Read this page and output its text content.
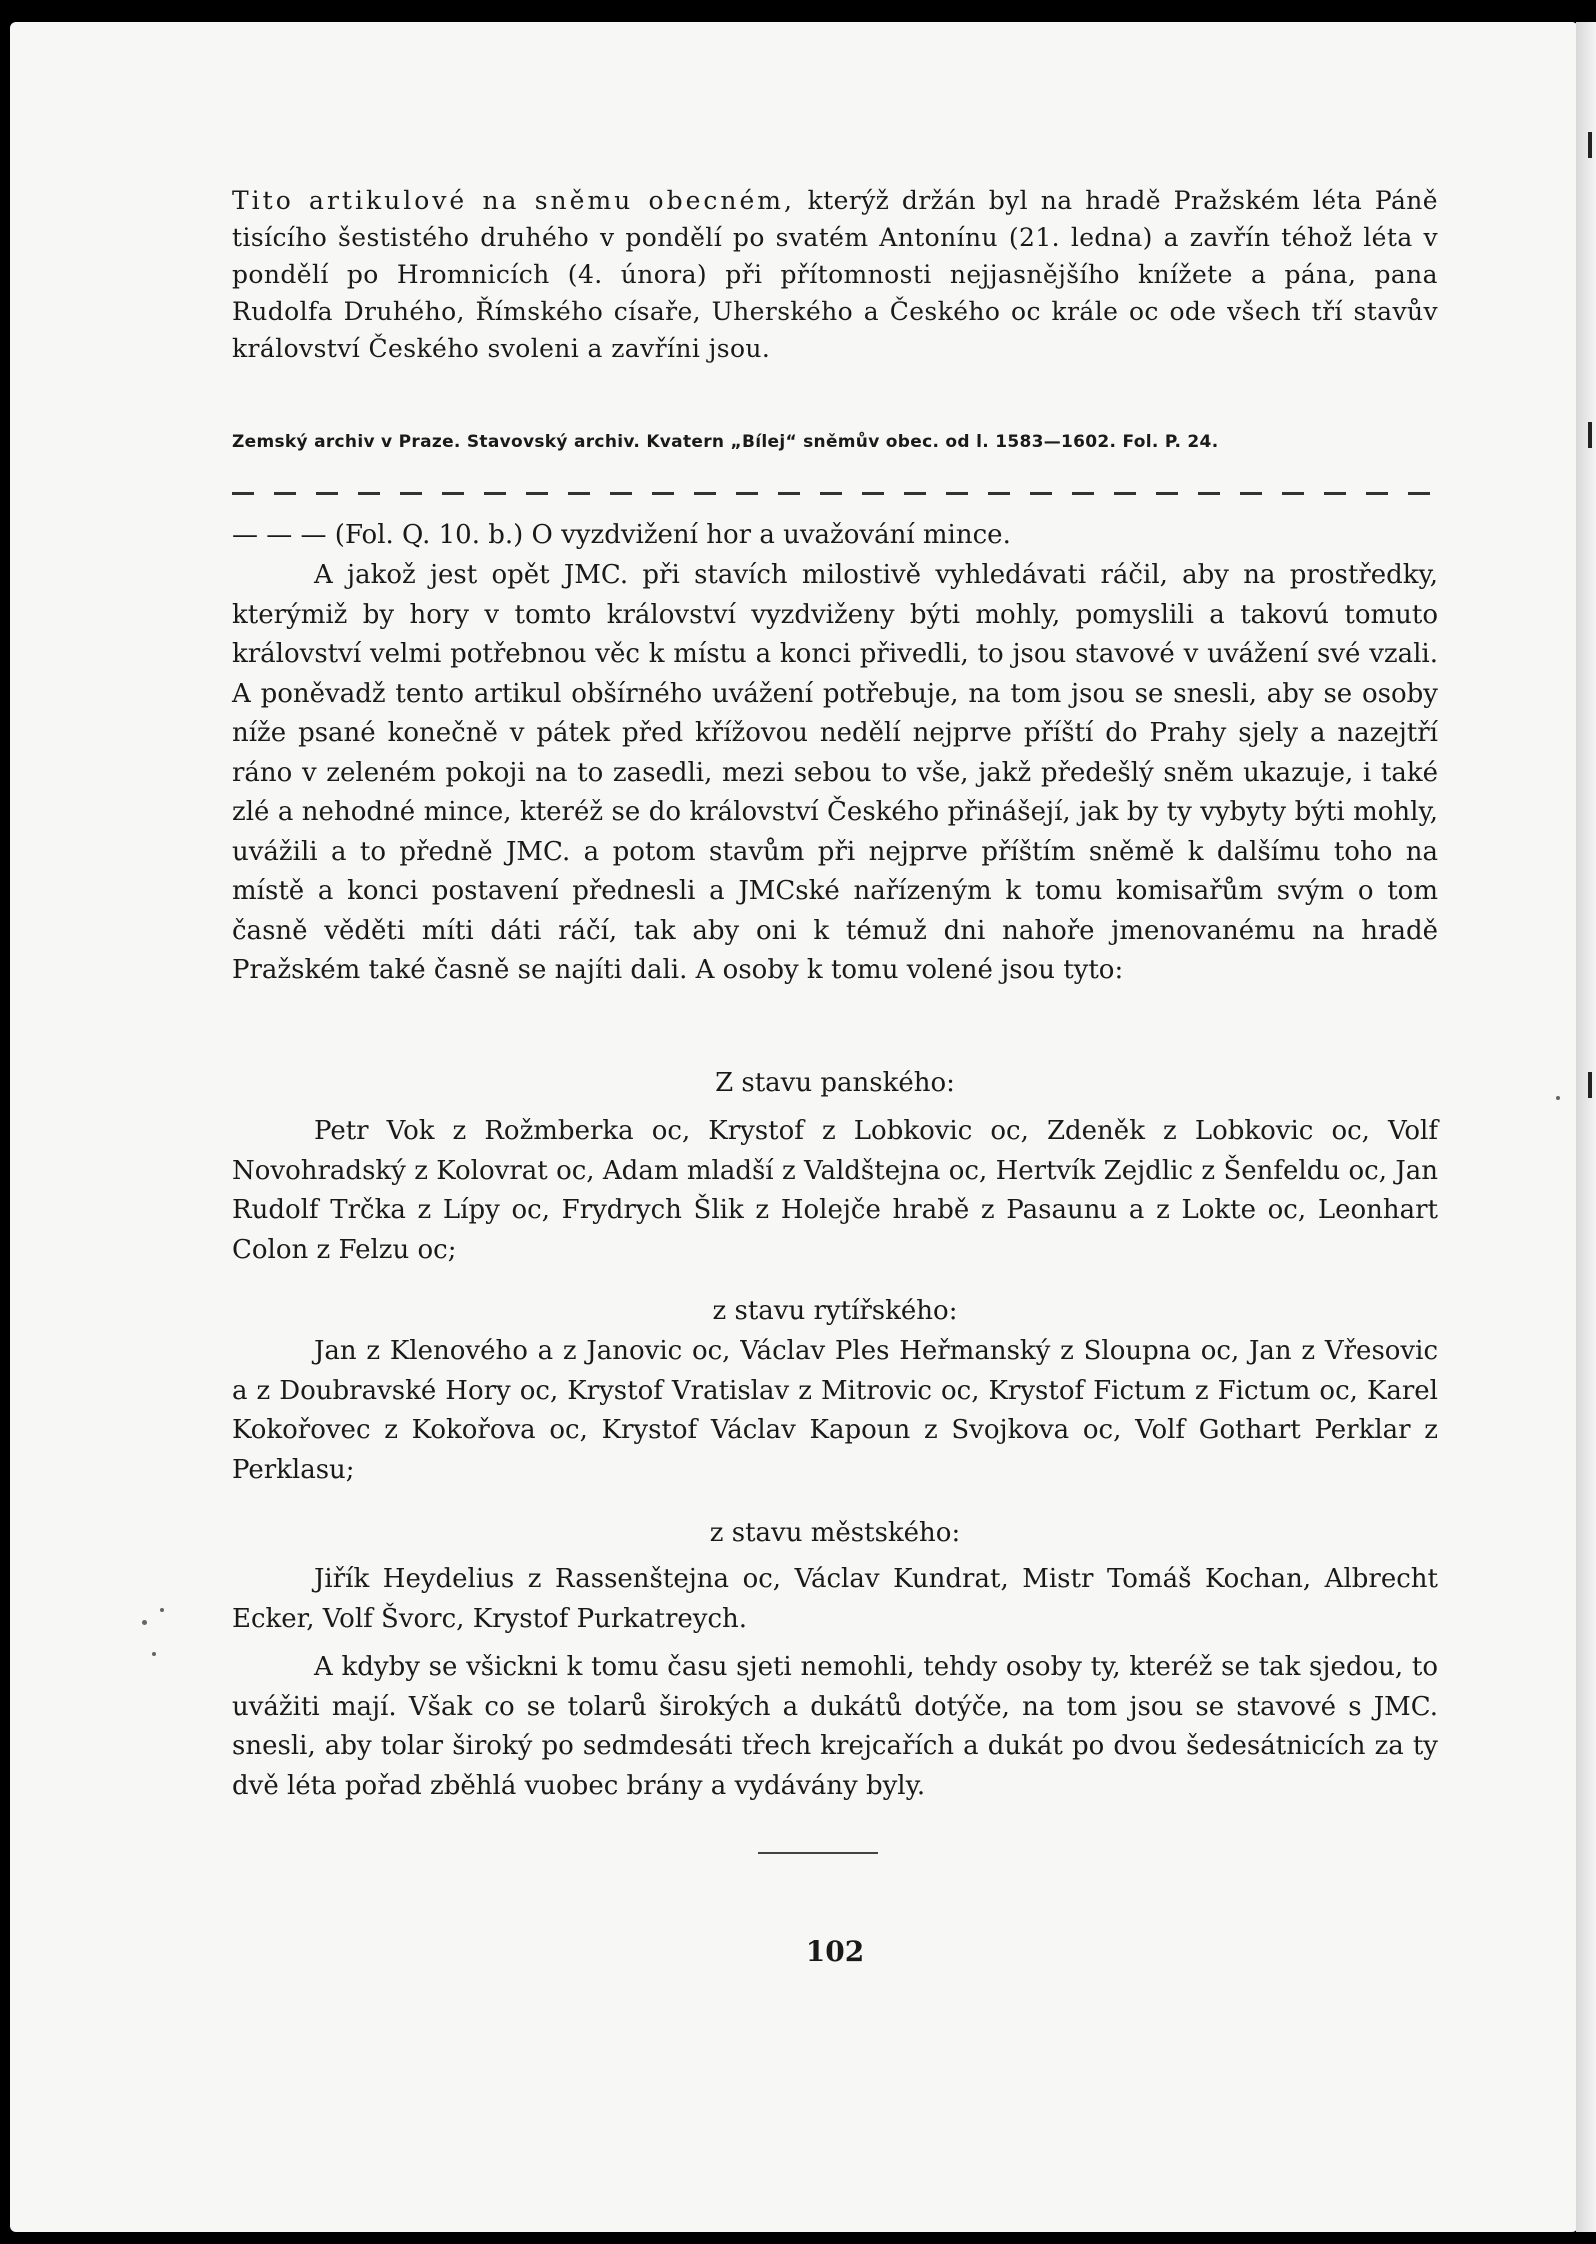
Tito artikulové na sněmu obecném, kterýž držán byl na hradě Pražském léta Páně tisícího šestistého druhého v pondělí po svatém Antonínu (21. ledna) a zavřín téhož léta v pondělí po Hromnicích (4. února) při přítomnosti nejjasnějšího knížete a pána, pana Rudolfa Druhého, Římského císaře, Uherského a Českého oc krále oc ode všech tří stavův království Českého svoleni a zavříni jsou.
Zemský archiv v Praze. Stavovský archiv. Kvatern „Bílej“ sněmův obec. od l. 1583—1602. Fol. P. 24.
— — — (Fol. Q. 10. b.) O vyzdvižení hor a uvažování mince.

A jakož jest opět JMC. při stavích milostivě vyhledávati ráčil, aby na prostředky, kterýmiž by hory v tomto království vyzdviženy býti mohly, pomyslili a takovú tomuto království velmi potřebnou věc k místu a konci přivedli, to jsou stavové v uvážení své vzali. A poněvadž tento artikul obšírného uvážení potřebuje, na tom jsou se snesli, aby se osoby níže psané konečně v pátek před křížovou nedělí nejprve příští do Prahy sjely a nazejtří ráno v zeleném pokoji na to zasedli, mezi sebou to vše, jakž předešlý sněm ukazuje, i také zlé a nehodné mince, kteréž se do království Českého přinášejí, jak by ty vybyty býti mohly, uvážili a to předně JMC. a potom stavům při nejprve příštím sněmě k dalšímu toho na místě a konci postavení přednesli a JMCské nařízeným k tomu komisařům svým o tom časně věděti míti dáti ráčí, tak aby oni k témuž dni nahoře jmenovanému na hradě Pražském také časně se najíti dali. A osoby k tomu volené jsou tyto:

Z stavu panského:

Petr Vok z Rožmberka oc, Krystof z Lobkovic oc, Zdeněk z Lobkovic oc, Volf Novohradský z Kolovrat oc, Adam mladší z Valdštejna oc, Hertvík Zejdlic z Šenfeldu oc, Jan Rudolf Trčka z Lípy oc, Frydrych Šlik z Holejče hrabě z Pasaunu a z Lokte oc, Leonhart Colon z Felzu oc;

z stavu rytířského:

Jan z Klenového a z Janovic oc, Václav Ples Heřmanský z Sloupna oc, Jan z Vřesovic a z Doubravské Hory oc, Krystof Vratislav z Mitrovic oc, Krystof Fictum z Fictum oc, Karel Kokořovec z Kokořova oc, Krystof Václav Kapoun z Svojkova oc, Volf Gothart Perklar z Perklasu;

z stavu městského:

Jiřík Heydelius z Rassenštejna oc, Václav Kundrat, Mistr Tomáš Kochan, Albrecht Ecker, Volf Švorc, Krystof Purkatreych.

A kdyby se všickni k tomu času sjeti nemohli, tehdy osoby ty, kteréž se tak sjedou, to uvážiti mají. Však co se tolarů širokých a dukátů dotýče, na tom jsou se stavové s JMC. snesli, aby tolar široký po sedmdesáti třech krejcařích a dukát po dvou šedesátnicích za ty dvě léta pořad zběhlá vuobec brány a vydávány byly.

102
